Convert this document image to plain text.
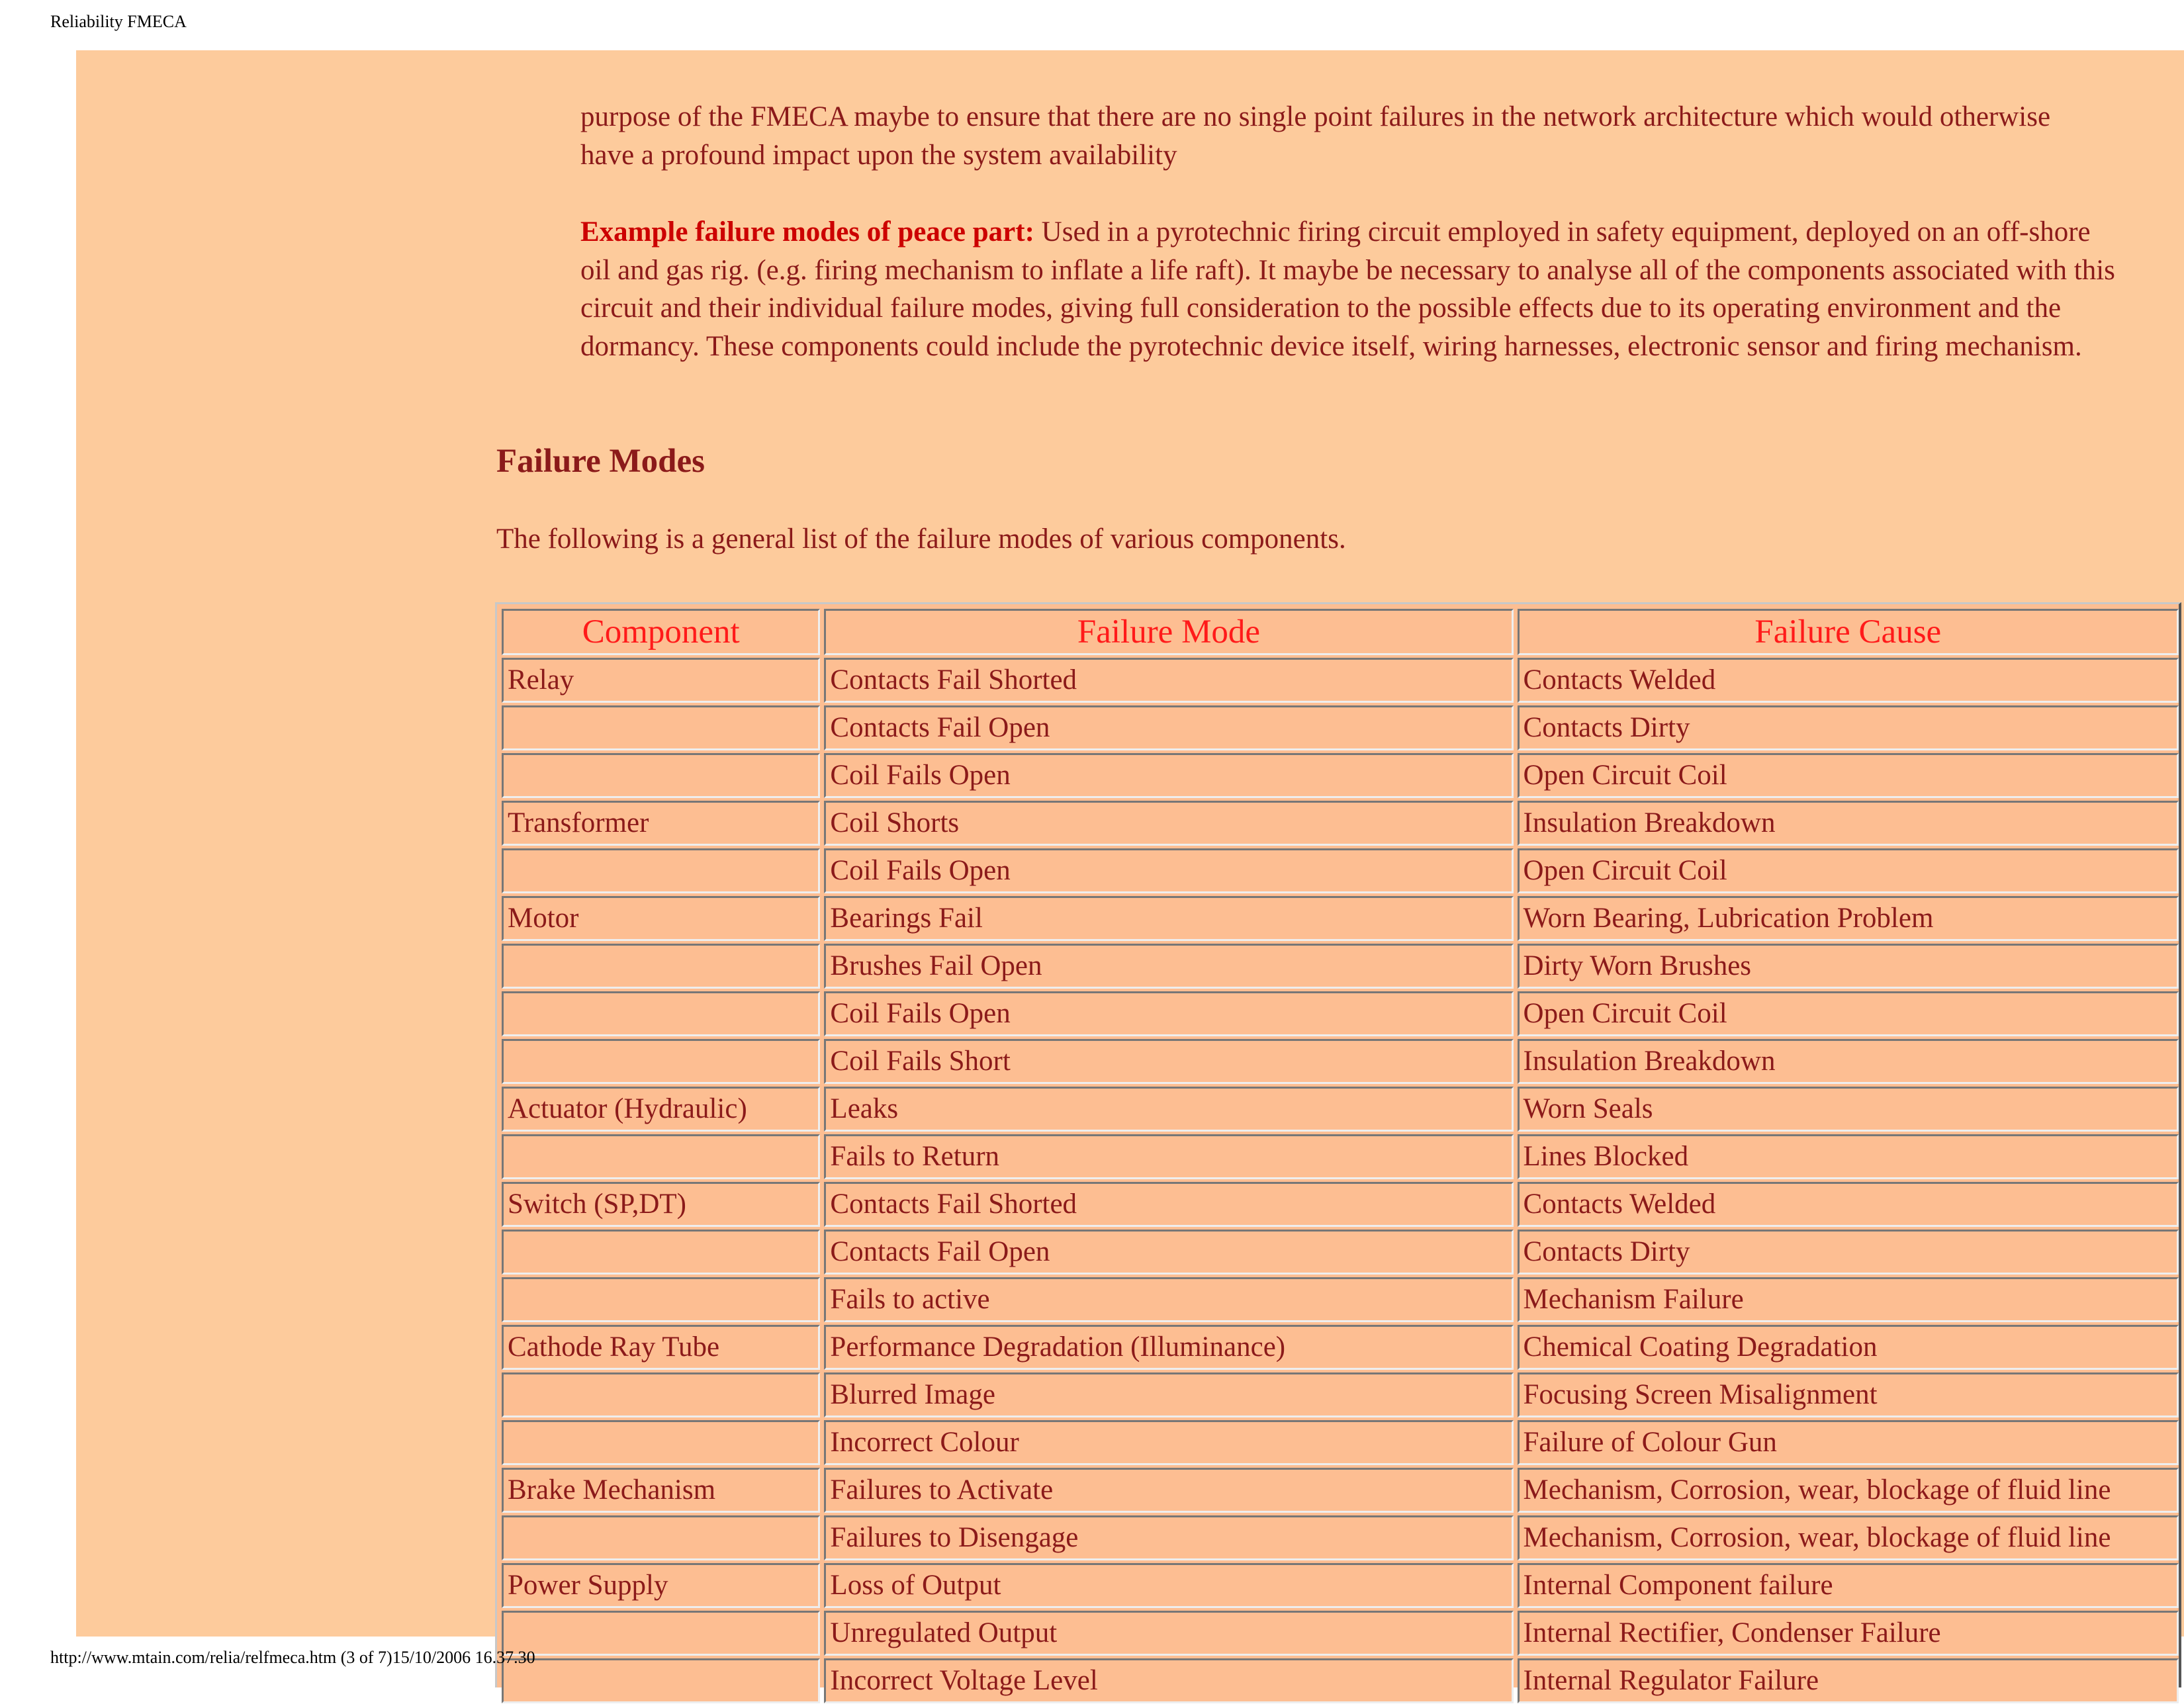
Reliability FMECA

purpose of the FMECA maybe to ensure that there are no single point failures in the network architecture which would otherwise have a profound impact upon the system availability

Example failure modes of peace part: Used in a pyrotechnic firing circuit employed in safety equipment, deployed on an off-shore oil and gas rig. (e.g. firing mechanism to inflate a life raft). It maybe be necessary to analyse all of the components associated with this circuit and their individual failure modes, giving full consideration to the possible effects due to its operating environment and the dormancy. These components could include the pyrotechnic device itself, wiring harnesses, electronic sensor and firing mechanism.

Failure Modes

The following is a general list of the failure modes of various components.

Component	Failure Mode	Failure Cause
Relay	Contacts Fail Shorted	Contacts Welded
	Contacts Fail Open	Contacts Dirty
	Coil Fails Open	Open Circuit Coil
Transformer	Coil Shorts	Insulation Breakdown
	Coil Fails Open	Open Circuit Coil
Motor	Bearings Fail	Worn Bearing, Lubrication Problem
	Brushes Fail Open	Dirty Worn Brushes
	Coil Fails Open	Open Circuit Coil
	Coil Fails Short	Insulation Breakdown
Actuator (Hydraulic)	Leaks	Worn Seals
	Fails to Return	Lines Blocked
Switch (SP,DT)	Contacts Fail Shorted	Contacts Welded
	Contacts Fail Open	Contacts Dirty
	Fails to active	Mechanism Failure
Cathode Ray Tube	Performance Degradation (Illuminance)	Chemical Coating Degradation
	Blurred Image	Focusing Screen Misalignment
	Incorrect Colour	Failure of Colour Gun
Brake Mechanism	Failures to Activate	Mechanism, Corrosion, wear, blockage of fluid line
	Failures to Disengage	Mechanism, Corrosion, wear, blockage of fluid line
Power Supply	Loss of Output	Internal Component failure
	Unregulated Output	Internal Rectifier, Condenser Failure
	Incorrect Voltage Level	Internal Regulator Failure
http://www.mtain.com/relia/relfmeca.htm (3 of 7)15/10/2006 16.37.30
